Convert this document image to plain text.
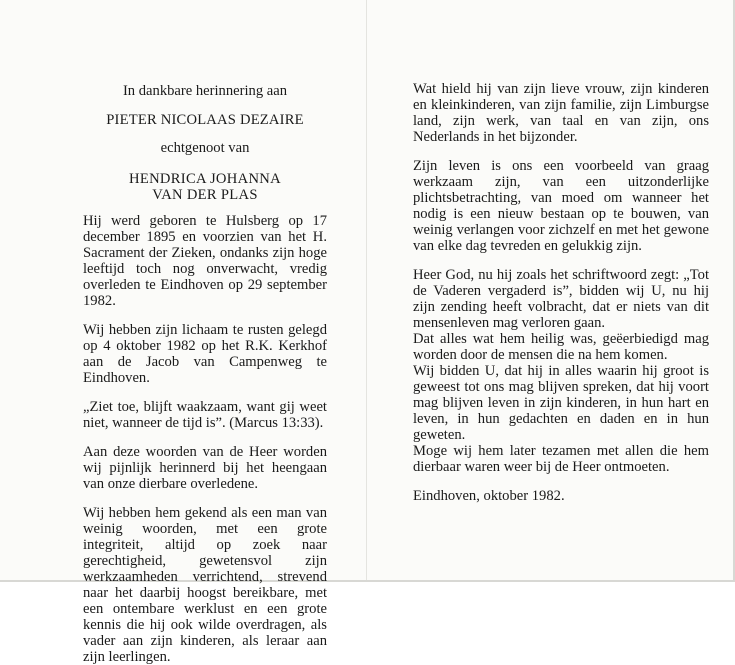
In dankbare herinnering aan

PIETER NICOLAAS DEZAIRE

echtgenoot van

HENDRICA JOHANNA

VAN DER PLAS

Hij werd geboren te Hulsberg op 17 december 1895 en voorzien van het H. Sacrament der Zieken, ondanks zijn hoge leeftijd toch nog onverwacht, vredig overleden te Eindhoven op 29 september 1982.

Wij hebben zijn lichaam te rusten gelegd op 4 oktober 1982 op het R.K. Kerkhof aan de Jacob van Campenweg te Eindhoven.

„Ziet toe, blijft waakzaam, want gij weet niet, wanneer de tijd is”. (Marcus 13:33).

Aan deze woorden van de Heer worden wij pijnlijk herinnerd bij het heengaan van onze dierbare overledene.

Wij hebben hem gekend als een man van weinig woorden, met een grote integriteit, altijd op zoek naar gerechtigheid, gewetensvol zijn werkzaamheden verrichtend, strevend naar het daarbij hoogst bereikbare, met een ontembare werklust en een grote kennis die hij ook wilde overdragen, als vader aan zijn kinderen, als leraar aan zijn leerlingen.

Wat hield hij van zijn lieve vrouw, zijn kinderen en kleinkinderen, van zijn familie, zijn Limburgse land, zijn werk, van taal en van zijn, ons Nederlands in het bijzonder.

Zijn leven is ons een voorbeeld van graag werkzaam zijn, van een uitzonderlijke plichtsbetrachting, van moed om wanneer het nodig is een nieuw bestaan op te bouwen, van weinig verlangen voor zichzelf en met het gewone van elke dag tevreden en gelukkig zijn.

Heer God, nu hij zoals het schriftwoord zegt: „Tot de Vaderen vergaderd is”, bidden wij U, nu hij zijn zending heeft volbracht, dat er niets van dit mensenleven mag verloren gaan.

Dat alles wat hem heilig was, geëerbiedigd mag worden door de mensen die na hem komen.

Wij bidden U, dat hij in alles waarin hij groot is geweest tot ons mag blijven spreken, dat hij voort mag blijven leven in zijn kinderen, in hun hart en leven, in hun gedachten en daden en in hun geweten.

Moge wij hem later tezamen met allen die hem dierbaar waren weer bij de Heer ontmoeten.

Eindhoven, oktober 1982.
